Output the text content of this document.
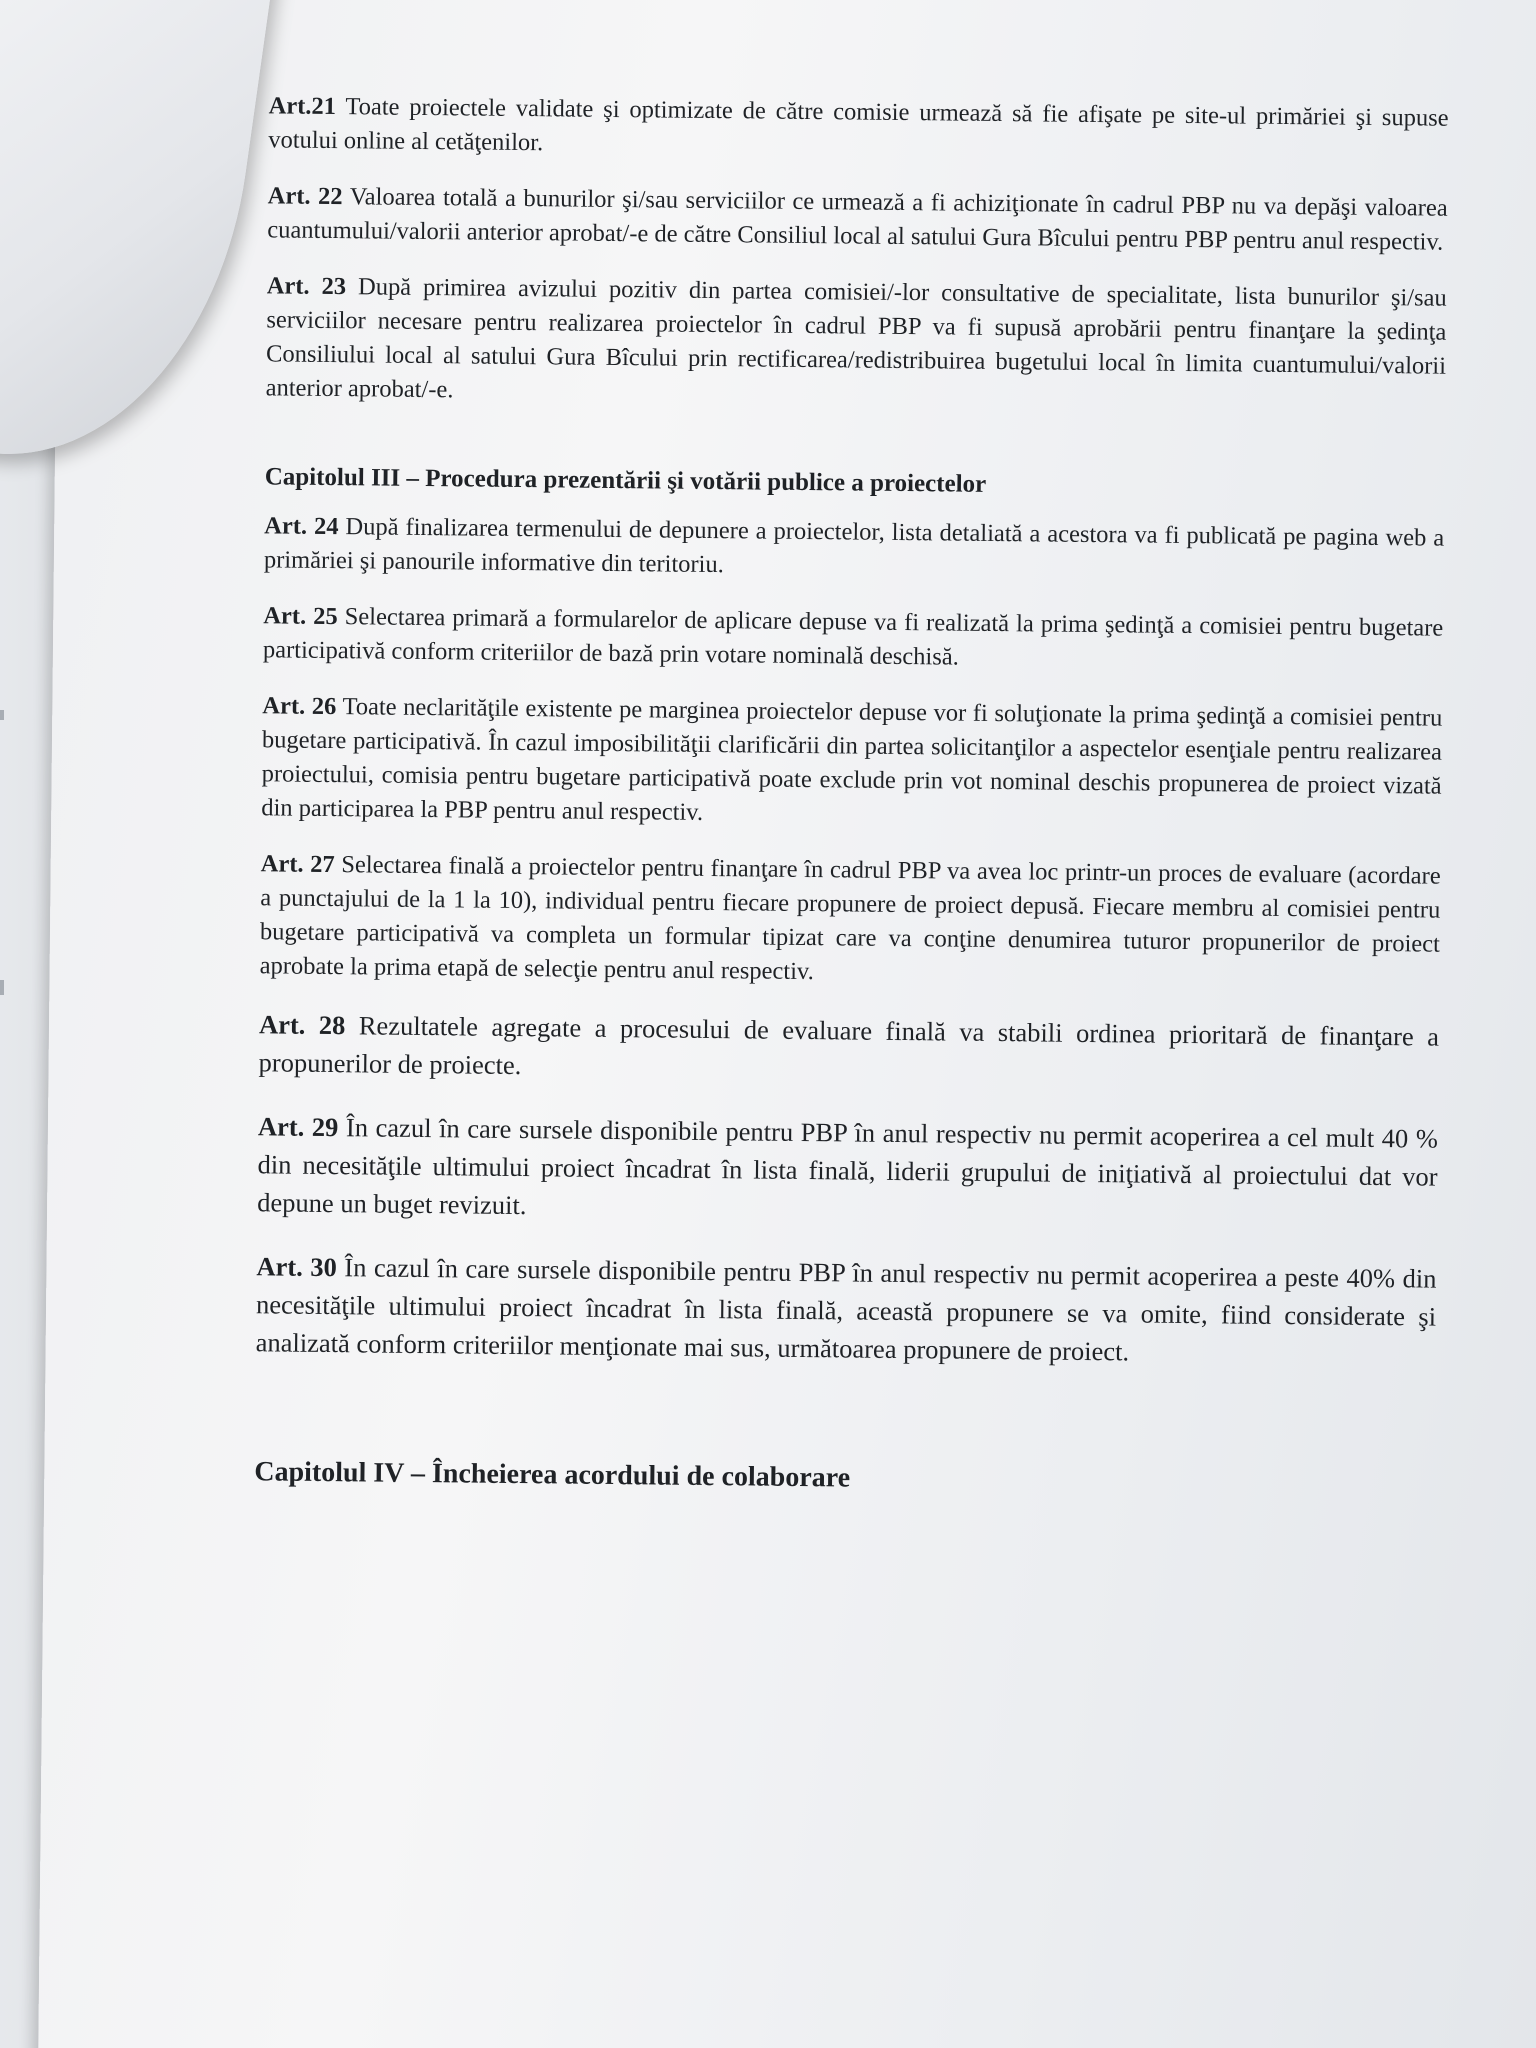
Art.21 Toate proiectele validate şi optimizate de către comisie urmează să fie afişate pe site-ul primăriei şi supuse votului online al cetăţenilor.

Art. 22 Valoarea totală a bunurilor şi/sau serviciilor ce urmează a fi achiziţionate în cadrul PBP nu va depăşi valoarea cuantumului/valorii anterior aprobat/-e de către Consiliul local al satului Gura Bîcului pentru PBP pentru anul respectiv.

Art. 23 După primirea avizului pozitiv din partea comisiei/-lor consultative de specialitate, lista bunurilor şi/sau serviciilor necesare pentru realizarea proiectelor în cadrul PBP va fi supusă aprobării pentru finanţare la şedinţa Consiliului local al satului Gura Bîcului prin rectificarea/redistribuirea bugetului local în limita cuantumului/valorii anterior aprobat/-e.

Capitolul III – Procedura prezentării şi votării publice a proiectelor

Art. 24 După finalizarea termenului de depunere a proiectelor, lista detaliată a acestora va fi publicată pe pagina web a primăriei şi panourile informative din teritoriu.

Art. 25 Selectarea primară a formularelor de aplicare depuse va fi realizată la prima şedinţă a comisiei pentru bugetare participativă conform criteriilor de bază prin votare nominală deschisă.

Art. 26 Toate neclarităţile existente pe marginea proiectelor depuse vor fi soluţionate la prima şedinţă a comisiei pentru bugetare participativă. În cazul imposibilităţii clarificării din partea solicitanţilor a aspectelor esenţiale pentru realizarea proiectului, comisia pentru bugetare participativă poate exclude prin vot nominal deschis propunerea de proiect vizată din participarea la PBP pentru anul respectiv.

Art. 27 Selectarea finală a proiectelor pentru finanţare în cadrul PBP va avea loc printr-un proces de evaluare (acordare a punctajului de la 1 la 10), individual pentru fiecare propunere de proiect depusă. Fiecare membru al comisiei pentru bugetare participativă va completa un formular tipizat care va conţine denumirea tuturor propunerilor de proiect aprobate la prima etapă de selecţie pentru anul respectiv.

Art. 28 Rezultatele agregate a procesului de evaluare finală va stabili ordinea prioritară de finanţare a propunerilor de proiecte.

Art. 29 În cazul în care sursele disponibile pentru PBP în anul respectiv nu permit acoperirea a cel mult 40 % din necesităţile ultimului proiect încadrat în lista finală, liderii grupului de iniţiativă al proiectului dat vor depune un buget revizuit.

Art. 30 În cazul în care sursele disponibile pentru PBP în anul respectiv nu permit acoperirea a peste 40% din necesităţile ultimului proiect încadrat în lista finală, această propunere se va omite, fiind considerate şi analizată conform criteriilor menţionate mai sus, următoarea propunere de proiect.

Capitolul IV – Încheierea acordului de colaborare
